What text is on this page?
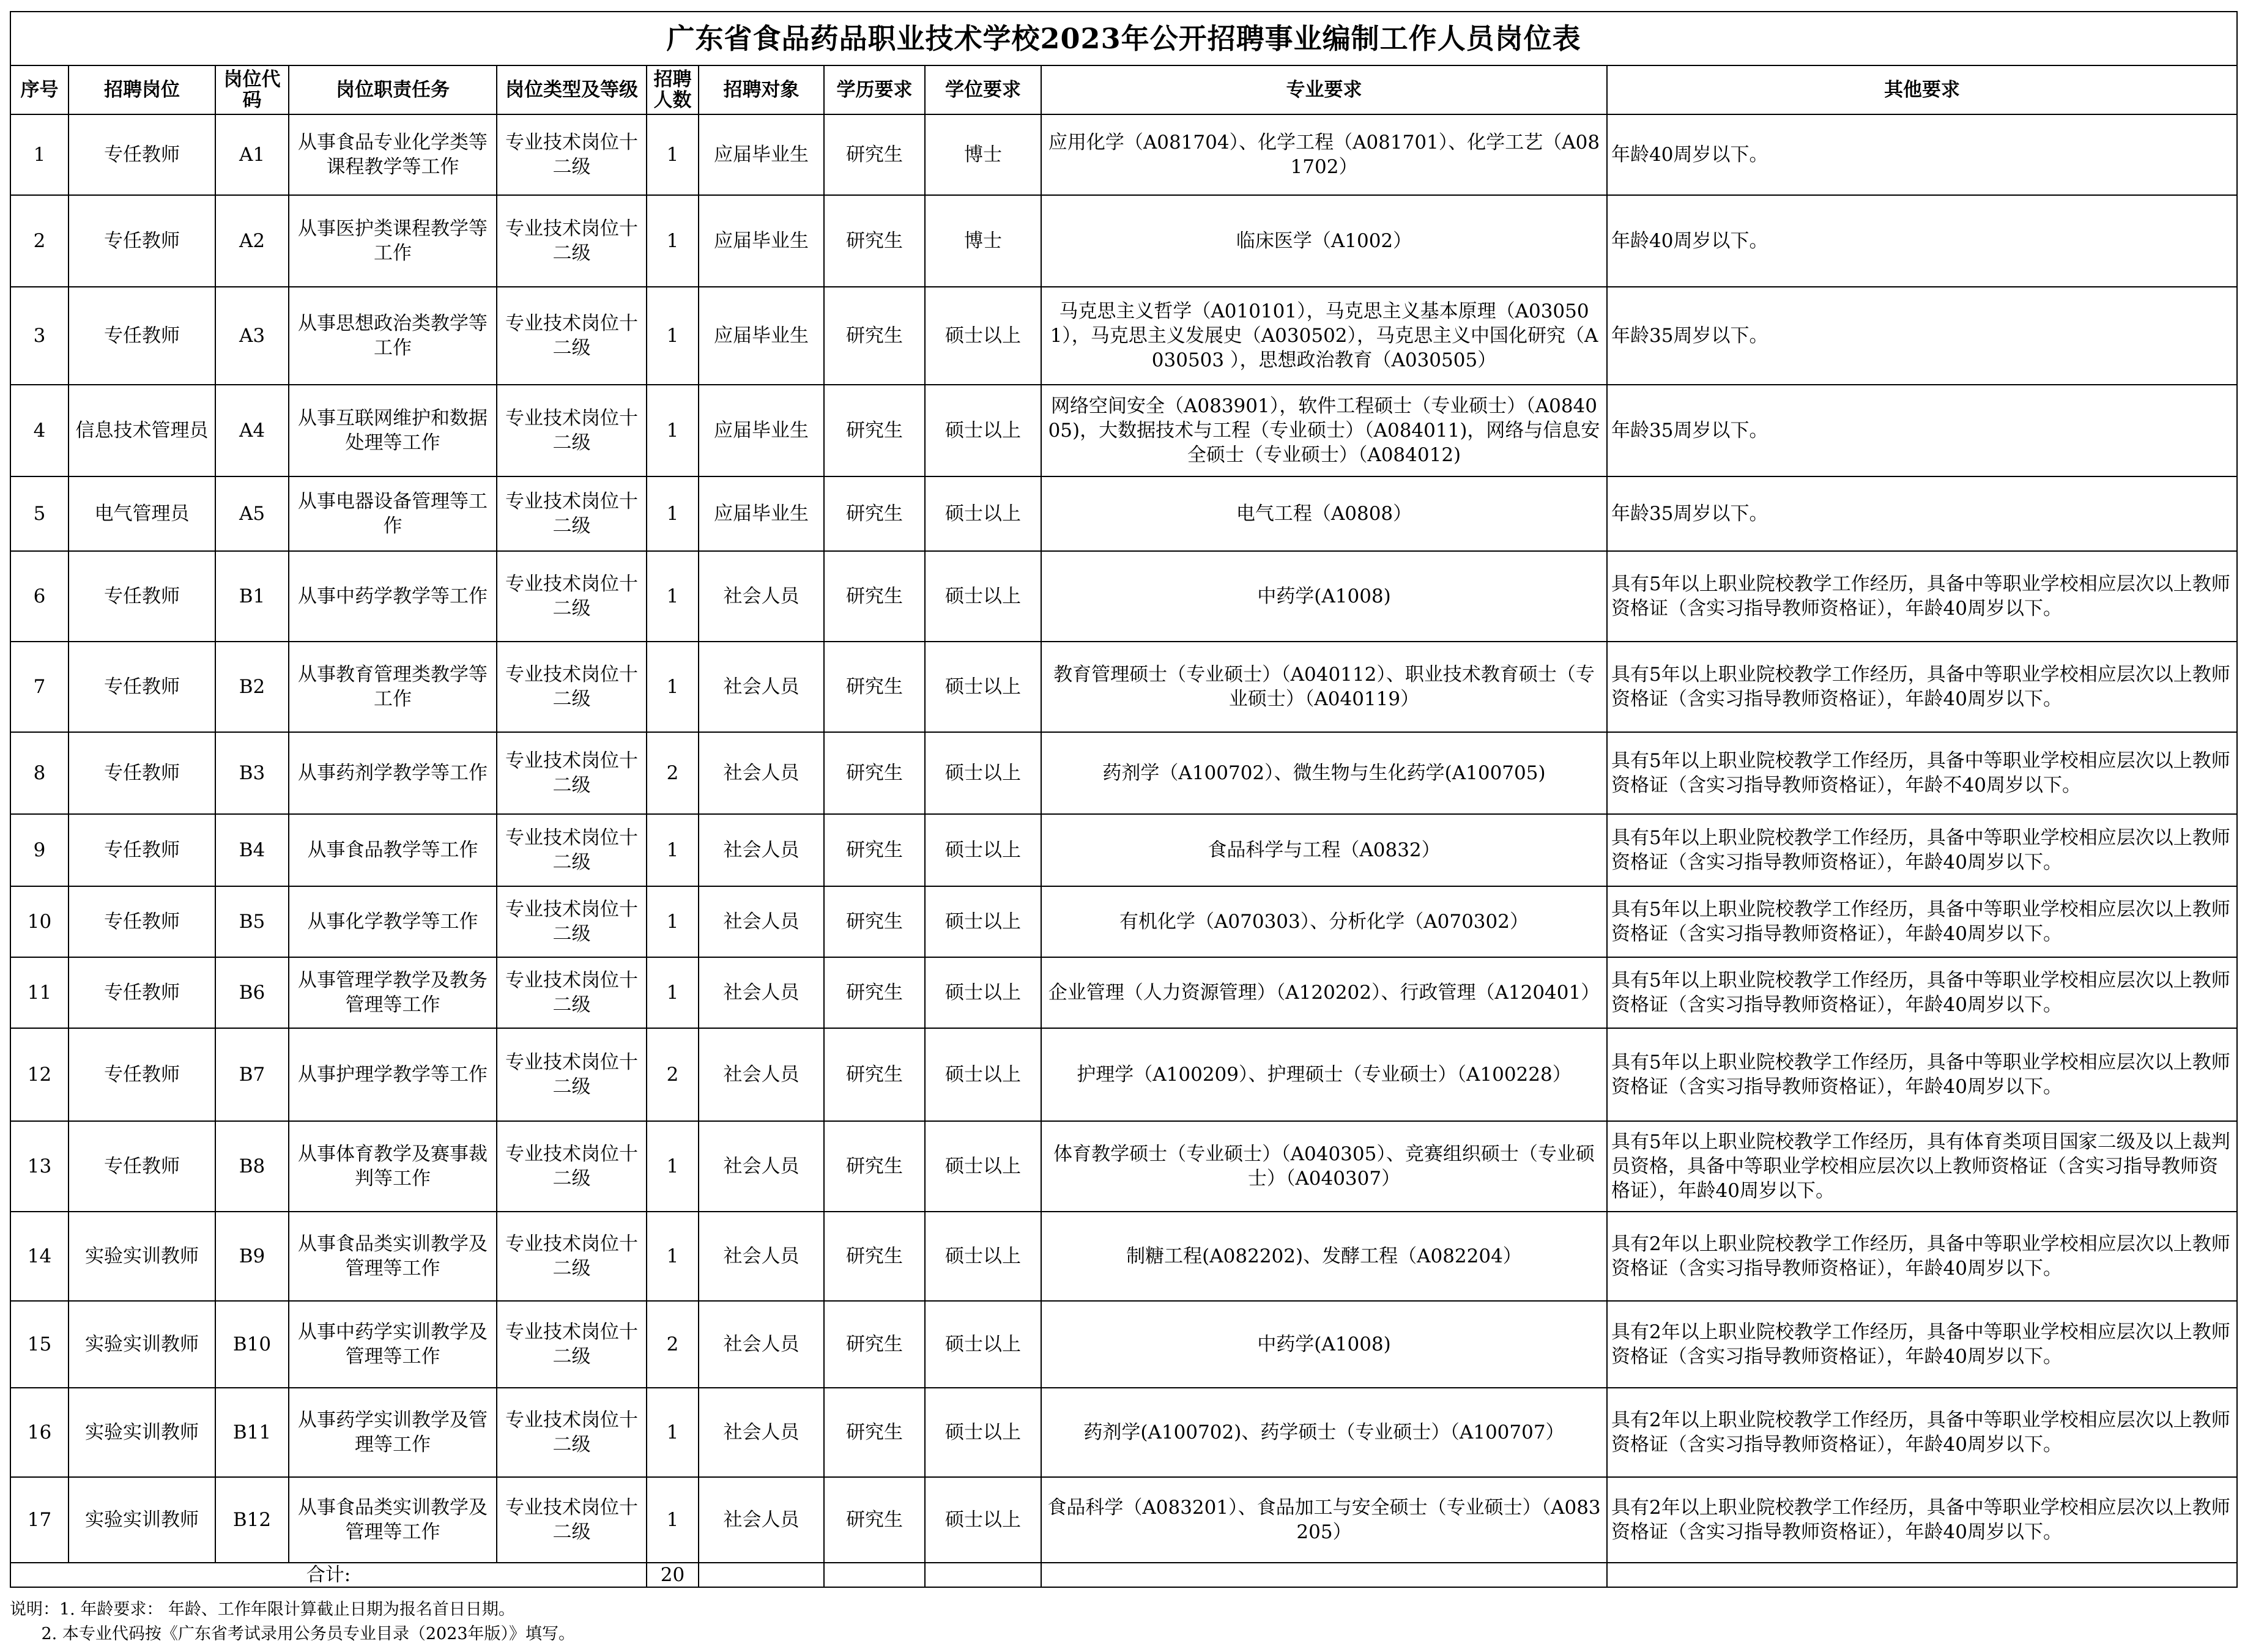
广东省食品药品职业技术学校2023年公开招聘事业编制工作人员岗位表										
序号	招聘岗位	岗位代码	岗位职责任务	岗位类型及等级	招聘人数	招聘对象	学历要求	学位要求	专业要求	其他要求
1	专任教师	A1	从事食品专业化学类等课程教学等工作	专业技术岗位十二级	1	应届毕业生	研究生	博士	应用化学（A081704）、化学工程（A081701）、化学工艺（A081702）	年龄40周岁以下。
2	专任教师	A2	从事医护类课程教学等工作	专业技术岗位十二级	1	应届毕业生	研究生	博士	临床医学（A1002）	年龄40周岁以下。
3	专任教师	A3	从事思想政治类教学等工作	专业技术岗位十二级	1	应届毕业生	研究生	硕士以上	马克思主义哲学（A010101），马克思主义基本原理（A030501），马克思主义发展史（A030502），马克思主义中国化研究（A030503 ），思想政治教育（A030505）	年龄35周岁以下。
4	信息技术管理员	A4	从事互联网维护和数据处理等工作	专业技术岗位十二级	1	应届毕业生	研究生	硕士以上	网络空间安全（A083901），软件工程硕士（专业硕士）（A084005)，大数据技术与工程（专业硕士）（A084011)，网络与信息安全硕士（专业硕士）（A084012)	年龄35周岁以下。
5	电气管理员	A5	从事电器设备管理等工作	专业技术岗位十二级	1	应届毕业生	研究生	硕士以上	电气工程（A0808）	年龄35周岁以下。
6	专任教师	B1	从事中药学教学等工作	专业技术岗位十二级	1	社会人员	研究生	硕士以上	中药学(A1008)	具有5年以上职业院校教学工作经历，具备中等职业学校相应层次以上教师资格证（含实习指导教师资格证），年龄40周岁以下。
7	专任教师	B2	从事教育管理类教学等工作	专业技术岗位十二级	1	社会人员	研究生	硕士以上	教育管理硕士（专业硕士）（A040112）、职业技术教育硕士（专业硕士）（A040119）	具有5年以上职业院校教学工作经历，具备中等职业学校相应层次以上教师资格证（含实习指导教师资格证），年龄40周岁以下。
8	专任教师	B3	从事药剂学教学等工作	专业技术岗位十二级	2	社会人员	研究生	硕士以上	药剂学（A100702）、微生物与生化药学(A100705)	具有5年以上职业院校教学工作经历，具备中等职业学校相应层次以上教师资格证（含实习指导教师资格证），年龄不40周岁以下。
9	专任教师	B4	从事食品教学等工作	专业技术岗位十二级	1	社会人员	研究生	硕士以上	食品科学与工程（A0832）	具有5年以上职业院校教学工作经历，具备中等职业学校相应层次以上教师资格证（含实习指导教师资格证），年龄40周岁以下。
10	专任教师	B5	从事化学教学等工作	专业技术岗位十二级	1	社会人员	研究生	硕士以上	有机化学（A070303）、分析化学（A070302）	具有5年以上职业院校教学工作经历，具备中等职业学校相应层次以上教师资格证（含实习指导教师资格证），年龄40周岁以下。
11	专任教师	B6	从事管理学教学及教务管理等工作	专业技术岗位十二级	1	社会人员	研究生	硕士以上	企业管理（人力资源管理）（A120202）、行政管理（A120401）	具有5年以上职业院校教学工作经历，具备中等职业学校相应层次以上教师资格证（含实习指导教师资格证），年龄40周岁以下。
12	专任教师	B7	从事护理学教学等工作	专业技术岗位十二级	2	社会人员	研究生	硕士以上	护理学（A100209）、护理硕士（专业硕士）（A100228）	具有5年以上职业院校教学工作经历，具备中等职业学校相应层次以上教师资格证（含实习指导教师资格证），年龄40周岁以下。
13	专任教师	B8	从事体育教学及赛事裁判等工作	专业技术岗位十二级	1	社会人员	研究生	硕士以上	体育教学硕士（专业硕士）（A040305）、竞赛组织硕士（专业硕士）（A040307）	具有5年以上职业院校教学工作经历，具有体育类项目国家二级及以上裁判员资格，具备中等职业学校相应层次以上教师资格证（含实习指导教师资格证），年龄40周岁以下。
14	实验实训教师	B9	从事食品类实训教学及管理等工作	专业技术岗位十二级	1	社会人员	研究生	硕士以上	制糖工程(A082202)、发酵工程（A082204）	具有2年以上职业院校教学工作经历，具备中等职业学校相应层次以上教师资格证（含实习指导教师资格证），年龄40周岁以下。
15	实验实训教师	B10	从事中药学实训教学及管理等工作	专业技术岗位十二级	2	社会人员	研究生	硕士以上	中药学(A1008)	具有2年以上职业院校教学工作经历，具备中等职业学校相应层次以上教师资格证（含实习指导教师资格证），年龄40周岁以下。
16	实验实训教师	B11	从事药学实训教学及管理等工作	专业技术岗位十二级	1	社会人员	研究生	硕士以上	药剂学(A100702)、药学硕士（专业硕士）（A100707）	具有2年以上职业院校教学工作经历，具备中等职业学校相应层次以上教师资格证（含实习指导教师资格证），年龄40周岁以下。
17	实验实训教师	B12	从事食品类实训教学及管理等工作	专业技术岗位十二级	1	社会人员	研究生	硕士以上	食品科学（A083201）、食品加工与安全硕士（专业硕士）（A083205）	具有2年以上职业院校教学工作经历，具备中等职业学校相应层次以上教师资格证（含实习指导教师资格证），年龄40周岁以下。
合计:					20					
说明：1. 年龄要求： 年龄、工作年限计算截止日期为报名首日日期。
2. 本专业代码按《广东省考试录用公务员专业目录（2023年版）》填写。
